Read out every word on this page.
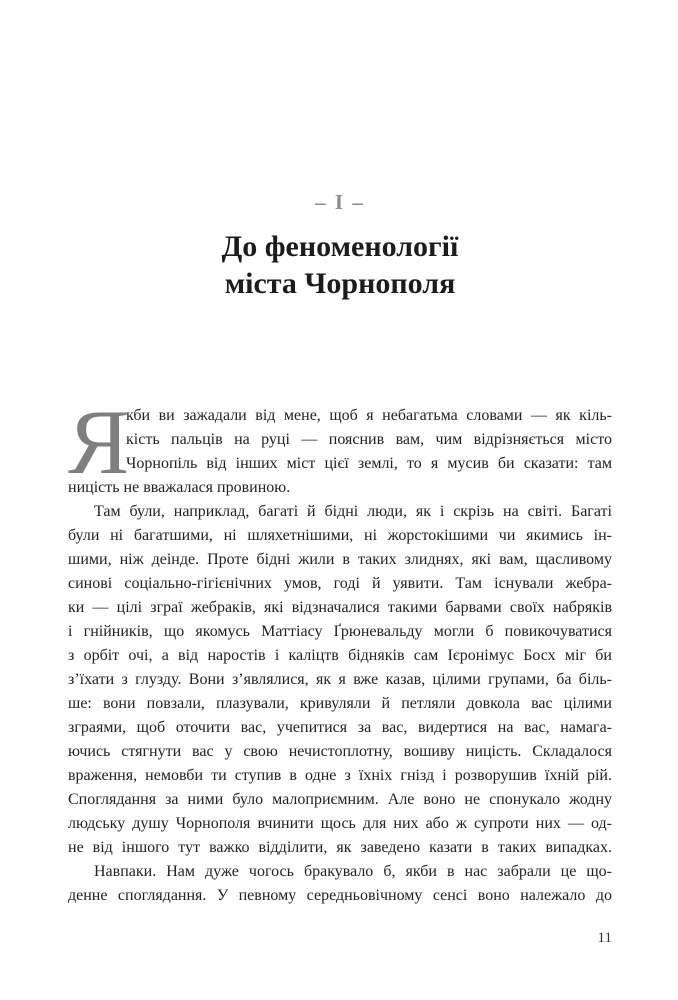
– I –
До феноменології
міста Чорнополя
Я
кби ви зажадали від мене, щоб я небагатьма словами — як кіль-
кість пальців на руці — пояснив вам, чим відрізняється місто
Чорнопіль від інших міст цієї землі, то я мусив би сказати: там
ницість не вважалася провиною.
Там були, наприклад, багаті й бідні люди, як і скрізь на світі. Багаті
були ні багатшими, ні шляхетнішими, ні жорстокішими чи якимись ін-
шими, ніж деінде. Проте бідні жили в таких злиднях, які вам, щасливому
синові соціально-гігієнічних умов, годі й уявити. Там існували жебра-
ки — цілі зграї жебраків, які відзначалися такими барвами своїх набряків
і гнійників, що якомусь Маттіасу Ґрюневальду могли б повикочуватися
з орбіт очі, а від наростів і каліцтв бідняків сам Ієронімус Босх міг би
з’їхати з глузду. Вони з’являлися, як я вже казав, цілими групами, ба біль-
ше: вони повзали, плазували, кривуляли й петляли довкола вас цілими
зграями, щоб оточити вас, учепитися за вас, видертися на вас, намага-
ючись стягнути вас у свою нечистоплотну, вошиву ницість. Складалося
враження, немовби ти ступив в одне з їхніх гнізд і розворушив їхній рій.
Споглядання за ними було малоприємним. Але воно не спонукало жодну
людську душу Чорнополя вчинити щось для них або ж супроти них — од-
не від іншого тут важко відділити, як заведено казати в таких випадках.
Навпаки. Нам дуже чогось бракувало б, якби в нас забрали це що-
денне споглядання. У певному середньовічному сенсі воно належало до
11
